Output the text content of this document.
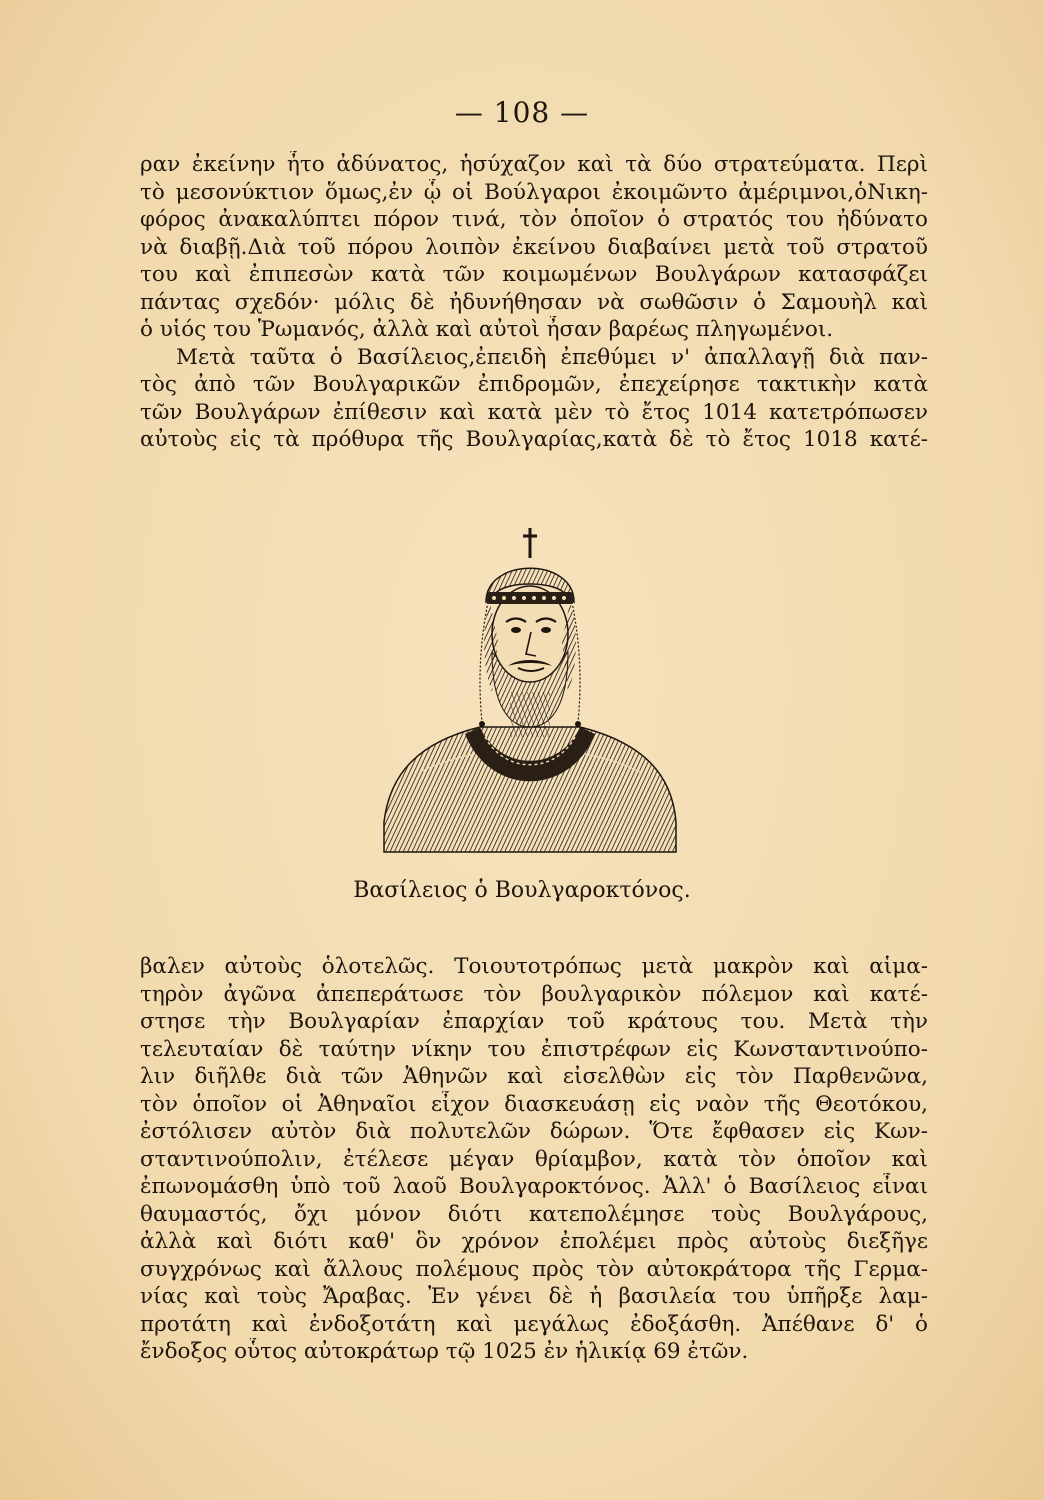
— 108 —
ραν ἐκείνην ἦτο ἀδύνατος, ἡσύχαζον καὶ τὰ δύο στρατεύματα. Περὶ
τὸ μεσονύκτιον ὅμως,ἐν ᾧ οἱ Βούλγαροι ἐκοιμῶντο ἀμέριμνοι,ὁΝικη-
φόρος ἀνακαλύπτει πόρον τινά, τὸν ὁποῖον ὁ στρατός του ἠδύνατο
νὰ διαβῇ.Διὰ τοῦ πόρου λοιπὸν ἐκείνου διαβαίνει μετὰ τοῦ στρατοῦ
του καὶ ἐπιπεσὼν κατὰ τῶν κοιμωμένων Βουλγάρων κατασφάζει
πάντας σχεδόν· μόλις δὲ ἠδυνήθησαν νὰ σωθῶσιν ὁ Σαμουὴλ καὶ
ὁ υἱός του Ῥωμανός, ἀλλὰ καὶ αὐτοὶ ἦσαν βαρέως πληγωμένοι.
Μετὰ ταῦτα ὁ Βασίλειος,ἐπειδὴ ἐπεθύμει ν' ἀπαλλαγῇ διὰ παν-
τὸς ἀπὸ τῶν Βουλγαρικῶν ἐπιδρομῶν, ἐπεχείρησε τακτικὴν κατὰ
τῶν Βουλγάρων ἐπίθεσιν καὶ κατὰ μὲν τὸ ἔτος 1014 κατετρόπωσεν
αὐτοὺς εἰς τὰ πρόθυρα τῆς Βουλγαρίας,κατὰ δὲ τὸ ἔτος 1018 κατέ-
Βασίλειος ὁ Βουλγαροκτόνος.
βαλεν αὐτοὺς ὁλοτελῶς. Τοιουτοτρόπως μετὰ μακρὸν καὶ αἱμα-
τηρὸν ἀγῶνα ἀπεπεράτωσε τὸν βουλγαρικὸν πόλεμον καὶ κατέ-
στησε τὴν Βουλγαρίαν ἐπαρχίαν τοῦ κράτους του. Μετὰ τὴν
τελευταίαν δὲ ταύτην νίκην του ἐπιστρέφων εἰς Κωνσταντινούπο-
λιν διῆλθε διὰ τῶν Ἀθηνῶν καὶ εἰσελθὼν εἰς τὸν Παρθενῶνα,
τὸν ὁποῖον οἱ Ἀθηναῖοι εἶχον διασκευάσῃ εἰς ναὸν τῆς Θεοτόκου,
ἐστόλισεν αὐτὸν διὰ πολυτελῶν δώρων. Ὅτε ἔφθασεν εἰς Κων-
σταντινούπολιν, ἐτέλεσε μέγαν θρίαμβον, κατὰ τὸν ὁποῖον καὶ
ἐπωνομάσθη ὑπὸ τοῦ λαοῦ Βουλγαροκτόνος. Ἀλλ' ὁ Βασίλειος εἶναι
θαυμαστός, ὄχι μόνον διότι κατεπολέμησε τοὺς Βουλγάρους,
ἀλλὰ καὶ διότι καθ' ὃν χρόνον ἐπολέμει πρὸς αὐτοὺς διεξῆγε
συγχρόνως καὶ ἄλλους πολέμους πρὸς τὸν αὐτοκράτορα τῆς Γερμα-
νίας καὶ τοὺς Ἄραβας. Ἐν γένει δὲ ἡ βασιλεία του ὑπῆρξε λαμ-
προτάτη καὶ ἐνδοξοτάτη καὶ μεγάλως ἐδοξάσθη. Ἀπέθανε δ' ὁ
ἔνδοξος οὗτος αὐτοκράτωρ τῷ 1025 ἐν ἡλικίᾳ 69 ἐτῶν.
